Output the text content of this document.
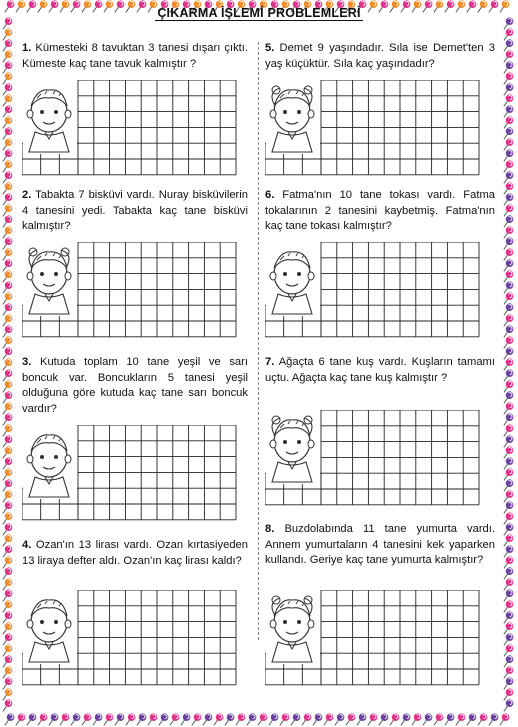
ÇIKARMA İŞLEMİ PROBLEMLERİ
1. Kümesteki 8 tavuktan 3 tanesi dışarı çıktı. Kümeste kaç tane tavuk kalmıştır ?
2. Tabakta 7 bisküvi vardı. Nuray bisküvilerin 4 tanesini yedi. Tabakta kaç tane bisküvi kalmıştır?
3. Kutuda toplam 10 tane yeşil ve sarı boncuk var. Boncukların 5 tanesi yeşil olduğuna göre kutuda kaç tane sarı boncuk vardır?
4. Ozan'ın 13 lirası vardı. Ozan kırtasiyeden 13 liraya defter aldı. Ozan'ın kaç lirası kaldı?
5. Demet 9 yaşındadır. Sıla ise Demet'ten 3 yaş küçüktür. Sıla kaç yaşındadır?
6. Fatma'nın 10 tane tokası vardı. Fatma tokalarının 2 tanesini kaybetmiş. Fatma'nın kaç tane tokası kalmıştır?
7. Ağaçta 6 tane kuş vardı. Kuşların tamamı uçtu. Ağaçta kaç tane kuş kalmıştır ?
8. Buzdolabında 11 tane yumurta vardı. Annem yumurtaların 4 tanesini kek yaparken kullandı. Geriye kaç tane yumurta kalmıştır?
